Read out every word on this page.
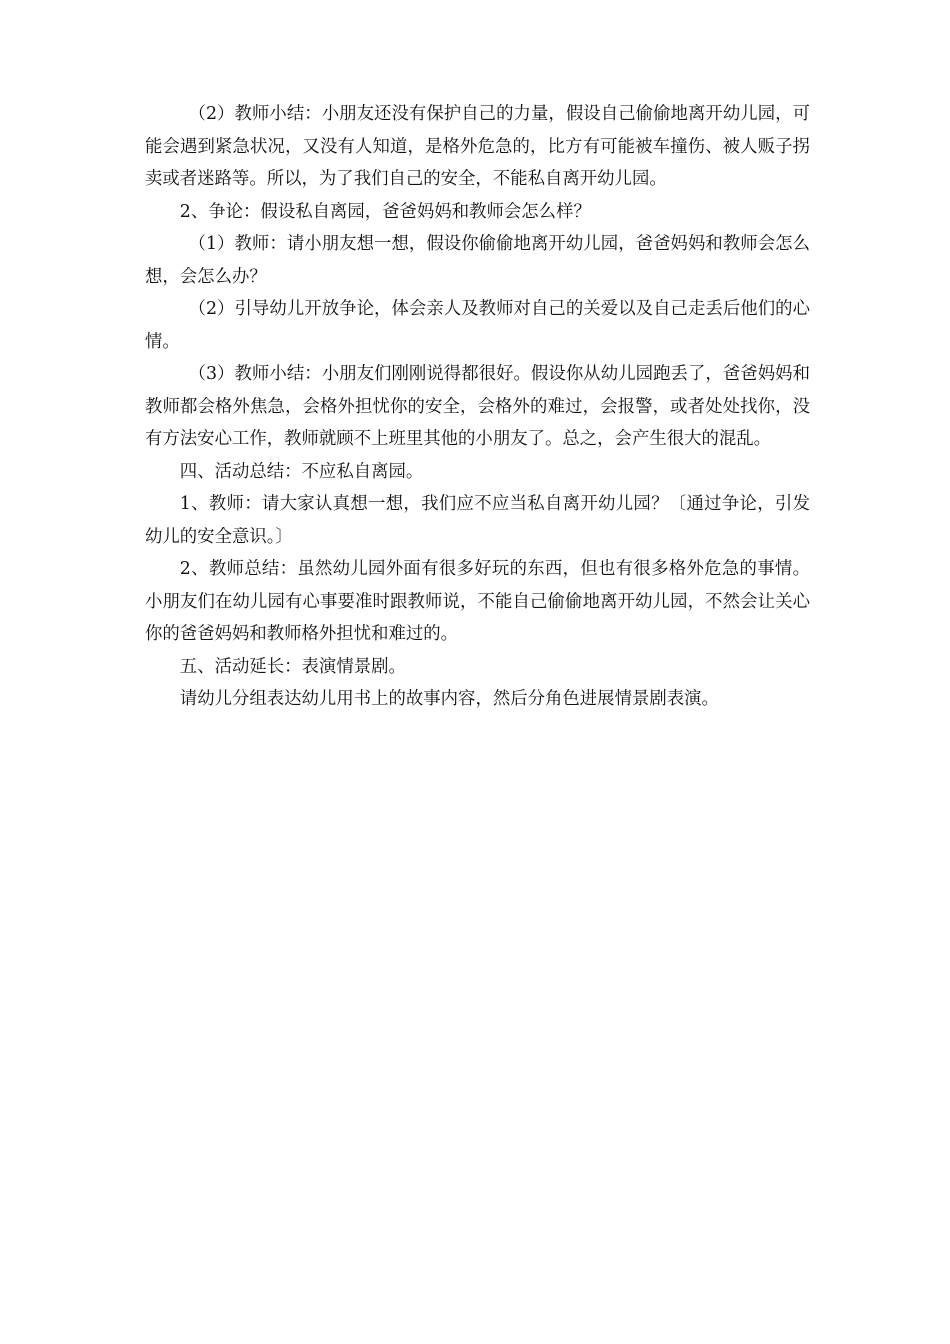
（2）教师小结：小朋友还没有保护自己的力量，假设自己偷偷地离开幼儿园，可能会遇到紧急状况，又没有人知道，是格外危急的，比方有可能被车撞伤、被人贩子拐卖或者迷路等。所以，为了我们自己的安全，不能私自离开幼儿园。

2、争论：假设私自离园，爸爸妈妈和教师会怎么样？

（1）教师：请小朋友想一想，假设你偷偷地离开幼儿园，爸爸妈妈和教师会怎么想，会怎么办？

（2）引导幼儿开放争论，体会亲人及教师对自己的关爱以及自己走丢后他们的心情。

（3）教师小结：小朋友们刚刚说得都很好。假设你从幼儿园跑丢了，爸爸妈妈和教师都会格外焦急，会格外担忧你的安全，会格外的难过，会报警，或者处处找你，没有方法安心工作，教师就顾不上班里其他的小朋友了。总之，会产生很大的混乱。

四、活动总结：不应私自离园。

1、教师：请大家认真想一想，我们应不应当私自离开幼儿园？〔通过争论，引发幼儿的安全意识。〕

2、教师总结：虽然幼儿园外面有很多好玩的东西，但也有很多格外危急的事情。小朋友们在幼儿园有心事要准时跟教师说，不能自己偷偷地离开幼儿园，不然会让关心你的爸爸妈妈和教师格外担忧和难过的。

五、活动延长：表演情景剧。

请幼儿分组表达幼儿用书上的故事内容，然后分角色进展情景剧表演。
